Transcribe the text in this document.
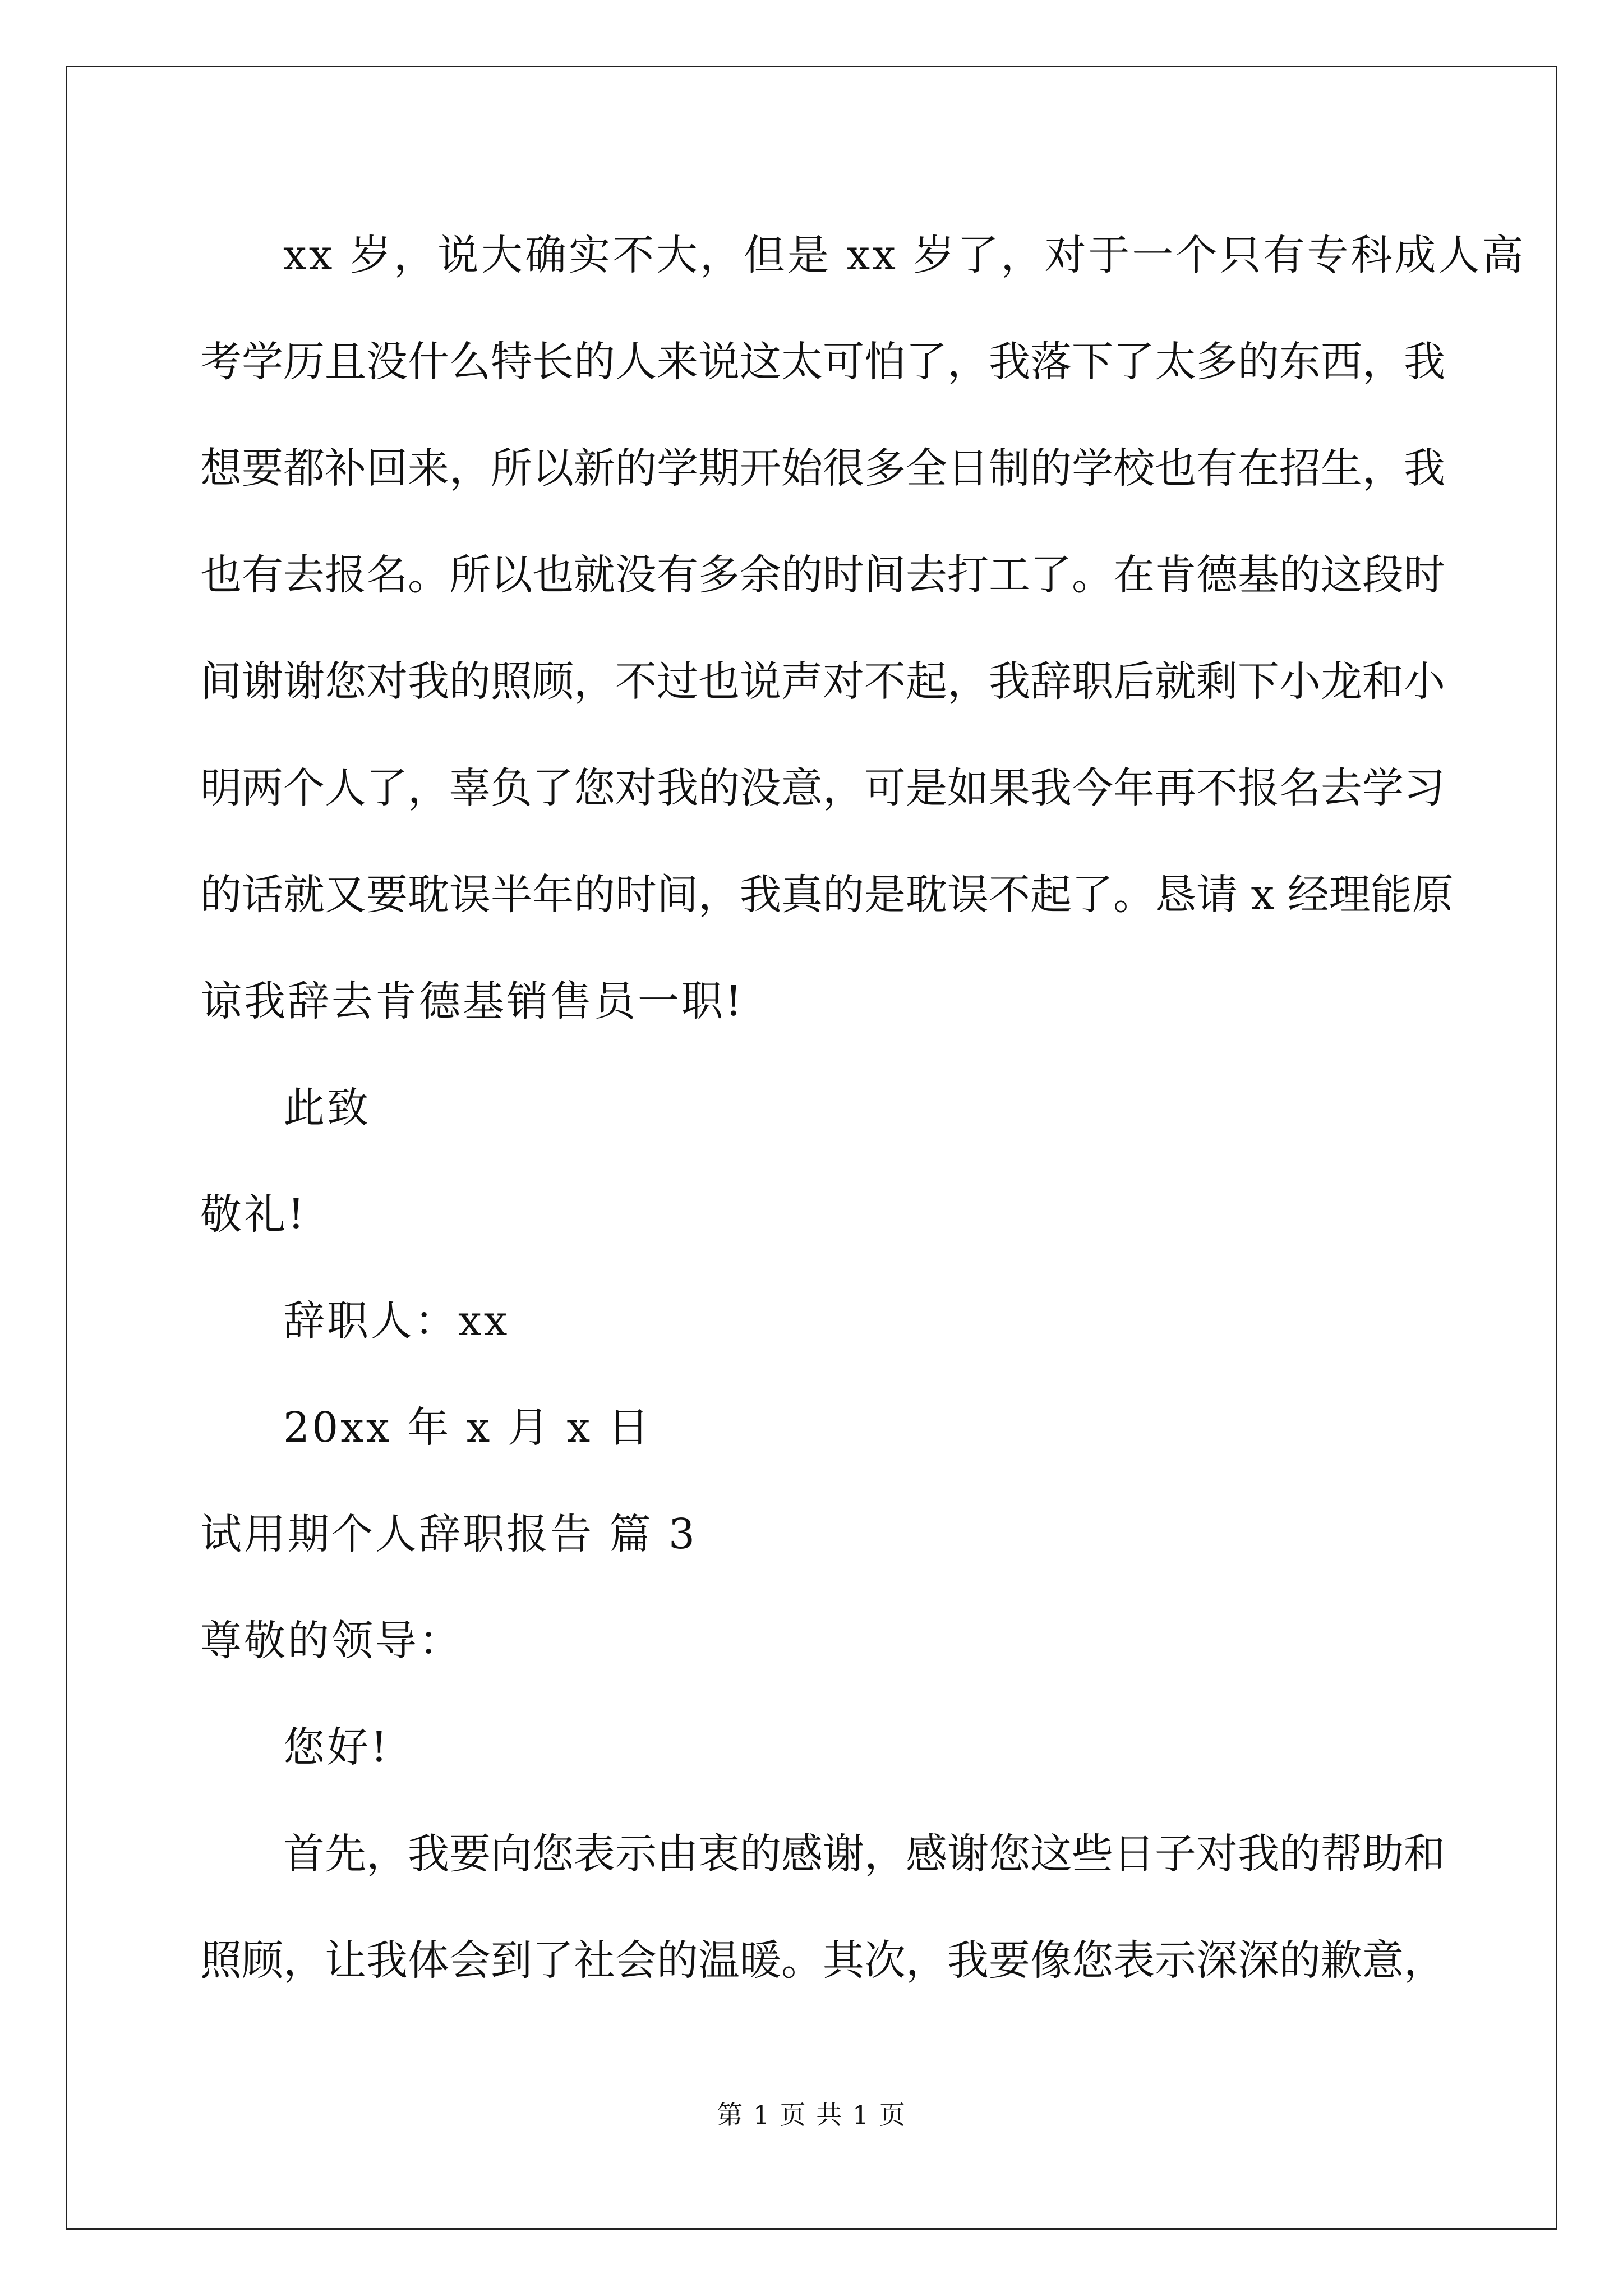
xx 岁，说大确实不大，但是 xx 岁了，对于一个只有专科成人高
考学历且没什么特长的人来说这太可怕了，我落下了太多的东西，我
想要都补回来，所以新的学期开始很多全日制的学校也有在招生，我
也有去报名。所以也就没有多余的时间去打工了。在肯德基的这段时
间谢谢您对我的照顾，不过也说声对不起，我辞职后就剩下小龙和小
明两个人了，辜负了您对我的没意，可是如果我今年再不报名去学习
的话就又要耽误半年的时间，我真的是耽误不起了。恳请 x 经理能原
谅我辞去肯德基销售员一职!
此致
敬礼!
辞职人：xx
20xx 年 x 月 x 日
试用期个人辞职报告 篇 3
尊敬的领导：
您好!
首先，我要向您表示由衷的感谢，感谢您这些日子对我的帮助和
照顾，让我体会到了社会的温暖。其次，我要像您表示深深的歉意，
第 1 页 共 1 页
